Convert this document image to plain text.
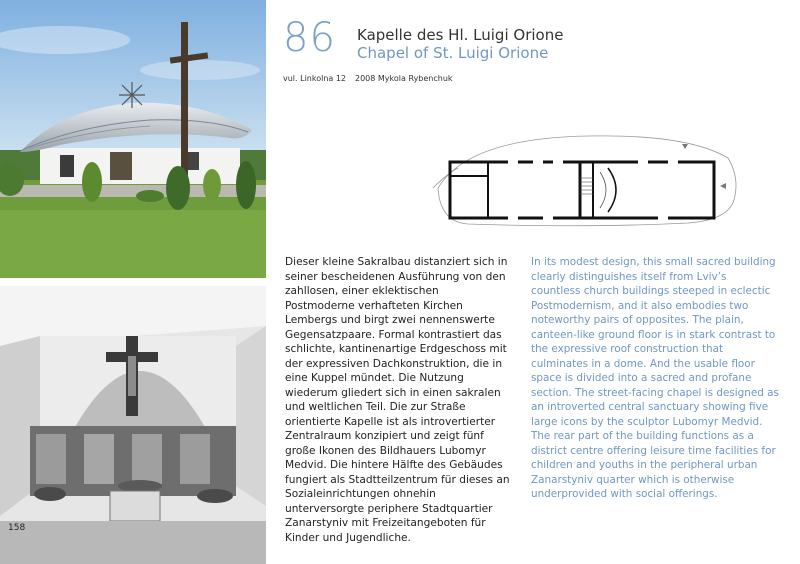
158
86 Kapelle des Hl. Luigi Orione
Chapel of St. Luigi Orione
vul. Linkolna 12 2008 Mykola Rybenchuk
Dieser kleine Sakralbau distanziert sich in seiner bescheidenen Ausführung von den zahllosen, einer eklektischen Postmoderne verhafteten Kirchen Lembergs und birgt zwei nennenswerte Gegensatzpaare. Formal kontrastiert das schlichte, kantinenartige Erdgeschoss mit der expressiven Dachkonstruktion, die in eine Kuppel mündet. Die Nutzung wiederum gliedert sich in einen sakralen und weltlichen Teil. Die zur Straße orientierte Kapelle ist als introvertierter Zentralraum konzipiert und zeigt fünf große Ikonen des Bildhauers Lubomyr Medvid. Die hintere Hälfte des Gebäudes fungiert als Stadtteilzentrum für dieses an Sozialeinrichtungen ohnehin unterversorgte periphere Stadtquartier Zanarstyniv mit Freizeitangeboten für Kinder und Jugendliche.
In its modest design, this small sacred building clearly distinguishes itself from Lviv’s countless church buildings steeped in eclectic Postmodernism, and it also embodies two noteworthy pairs of opposites. The plain, canteen-like ground floor is in stark contrast to the expressive roof construction that culminates in a dome. And the usable floor space is divided into a sacred and profane section. The street-facing chapel is designed as an introverted central sanctuary showing five large icons by the sculptor Lubomyr Medvid. The rear part of the building functions as a district centre offering leisure time facilities for children and youths in the peripheral urban Zanarstyniv quarter which is otherwise underprovided with social offerings.
